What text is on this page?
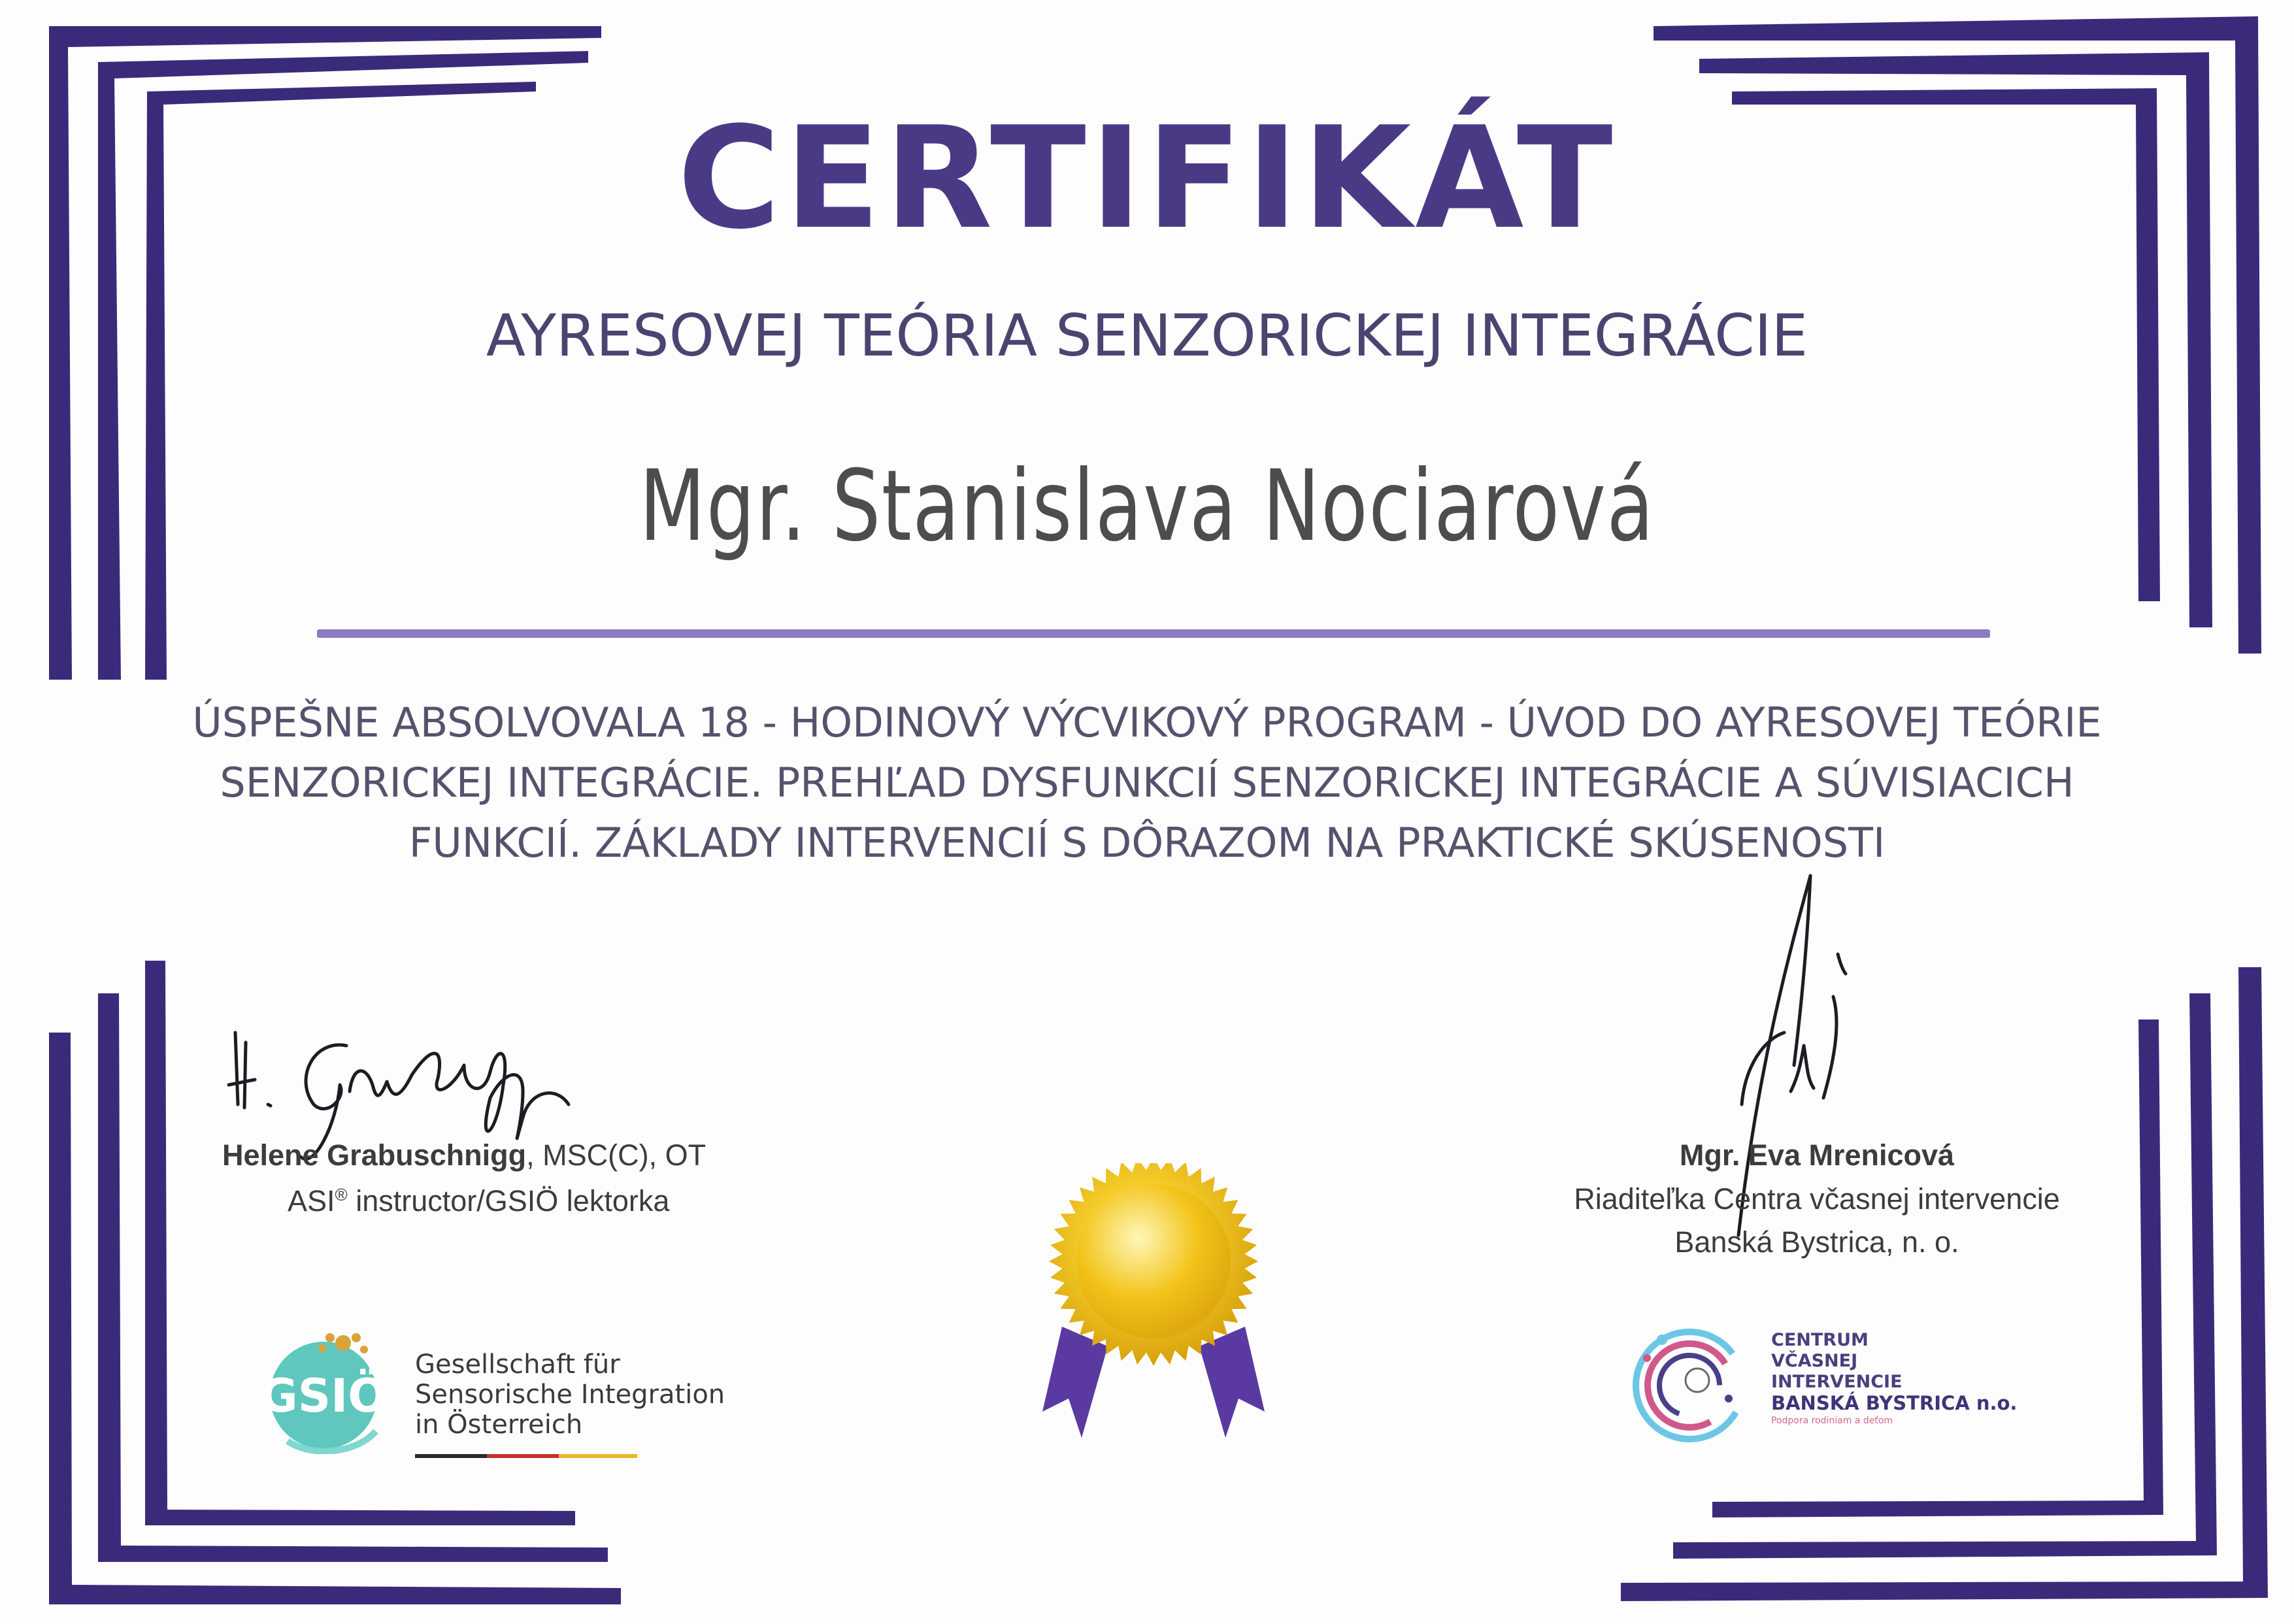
CERTIFIKÁT
AYRESOVEJ TEÓRIA SENZORICKEJ INTEGRÁCIE
Mgr. Stanislava Nociarová
ÚSPEŠNE ABSOLVOVALA 18 - HODINOVÝ VÝCVIKOVÝ PROGRAM - ÚVOD DO AYRESOVEJ TEÓRIE
SENZORICKEJ INTEGRÁCIE. PREHĽAD DYSFUNKCIÍ SENZORICKEJ INTEGRÁCIE A SÚVISIACICH
FUNKCIÍ. ZÁKLADY INTERVENCIÍ S DÔRAZOM NA PRAKTICKÉ SKÚSENOSTI
Helene Grabuschnigg, MSC(C), OT
ASI® instructor/GSIÖ lektorka
Mgr. Eva Mrenicová
Riaditeľka Centra včasnej intervencie
Banská Bystrica, n. o.
GSIÖ
Gesellschaft für
Sensorische Integration
in Österreich
CENTRUM
VČASNEJ
INTERVENCIE
BANSKÁ BYSTRICA n.o.
Podpora rodiniam a deťom
